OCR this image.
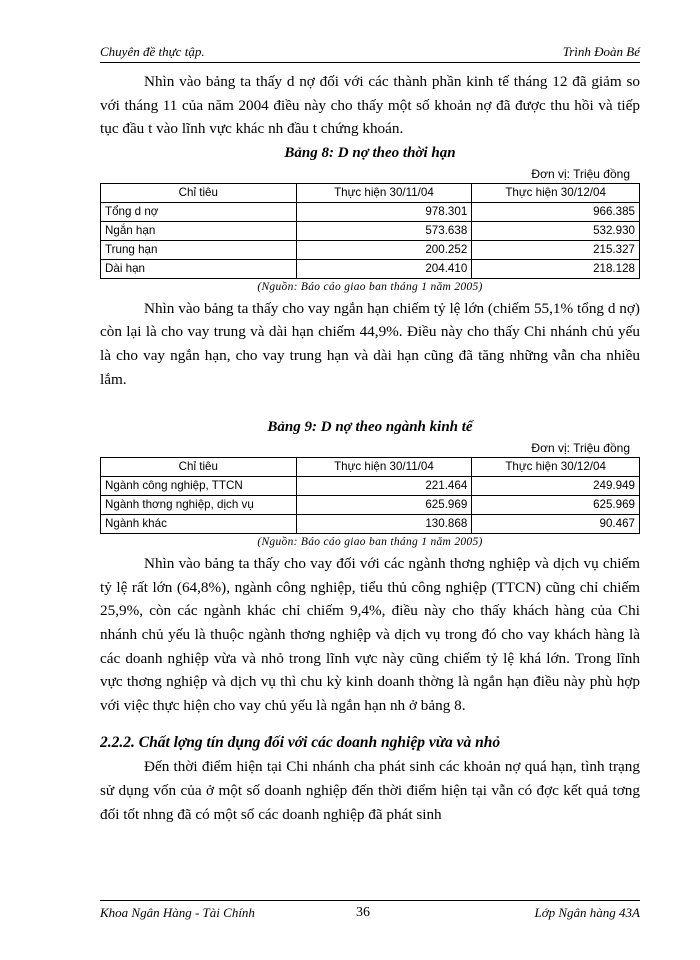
Chuyên đề thực tập.	Trình Đoàn Bé

Nhìn vào bảng ta thấy d nợ đối với các thành phần kinh tế tháng 12 đã giảm so với tháng 11 của năm 2004 điều này cho thấy một số khoản nợ đã được thu hồi và tiếp tục đầu t vào lĩnh vực khác nh đầu t chứng khoán.

Bảng 8: D nợ theo thời hạn

Đơn vị: Triệu đồng
Chỉ tiêu	Thực hiện 30/11/04	Thực hiện 30/12/04
Tổng d nợ	978.301	966.385
Ngắn hạn	573.638	532.930
Trung hạn	200.252	215.327
Dài hạn	204.410	218.128
(Nguồn: Báo cáo giao ban tháng 1 năm 2005)

Nhìn vào bảng ta thấy cho vay ngắn hạn chiếm tỷ lệ lớn (chiếm 55,1% tổng d nợ) còn lại là cho vay trung và dài hạn chiếm 44,9%. Điều này cho thấy Chi nhánh chủ yếu là cho vay ngắn hạn, cho vay trung hạn và dài hạn cũng đã tăng những vẫn cha nhiều lắm.

Bảng 9: D nợ theo ngành kinh tế

Đơn vị: Triệu đồng
Chỉ tiêu	Thực hiện 30/11/04	Thực hiện 30/12/04
Ngành công nghiệp, TTCN	221.464	249.949
Ngành thơng nghiệp, dịch vụ	625.969	625.969
Ngành khác	130.868	90.467
(Nguồn: Báo cáo giao ban tháng 1 năm 2005)

Nhìn vào bảng ta thấy cho vay đối với các ngành thơng nghiệp và dịch vụ chiếm tỷ lệ rất lớn (64,8%), ngành công nghiệp, tiểu thủ công nghiệp (TTCN) cũng chỉ chiếm 25,9%, còn các ngành khác chỉ chiếm 9,4%, điều này cho thấy khách hàng của Chi nhánh chủ yếu là thuộc ngành thơng nghiệp và dịch vụ trong đó cho vay khách hàng là các doanh nghiệp vừa và nhỏ trong lĩnh vực này cũng chiếm tỷ lệ khá lớn. Trong lĩnh vực thơng nghiệp và dịch vụ thì chu kỳ kinh doanh thờng là ngắn hạn điều này phù hợp với việc thực hiện cho vay chủ yếu là ngắn hạn nh ở bảng 8.

2.2.2. Chất lợng tín dụng đối với các doanh nghiệp vừa và nhỏ

Đến thời điểm hiện tại Chi nhánh cha phát sinh các khoản nợ quá hạn, tình trạng sử dụng vốn của ở một số doanh nghiệp đến thời điểm hiện tại vẫn có đợc kết quả tơng đối tốt nhng đã có một số các doanh nghiệp đã phát sinh

Khoa Ngân Hàng - Tài Chính	36	Lớp Ngân hàng 43A
